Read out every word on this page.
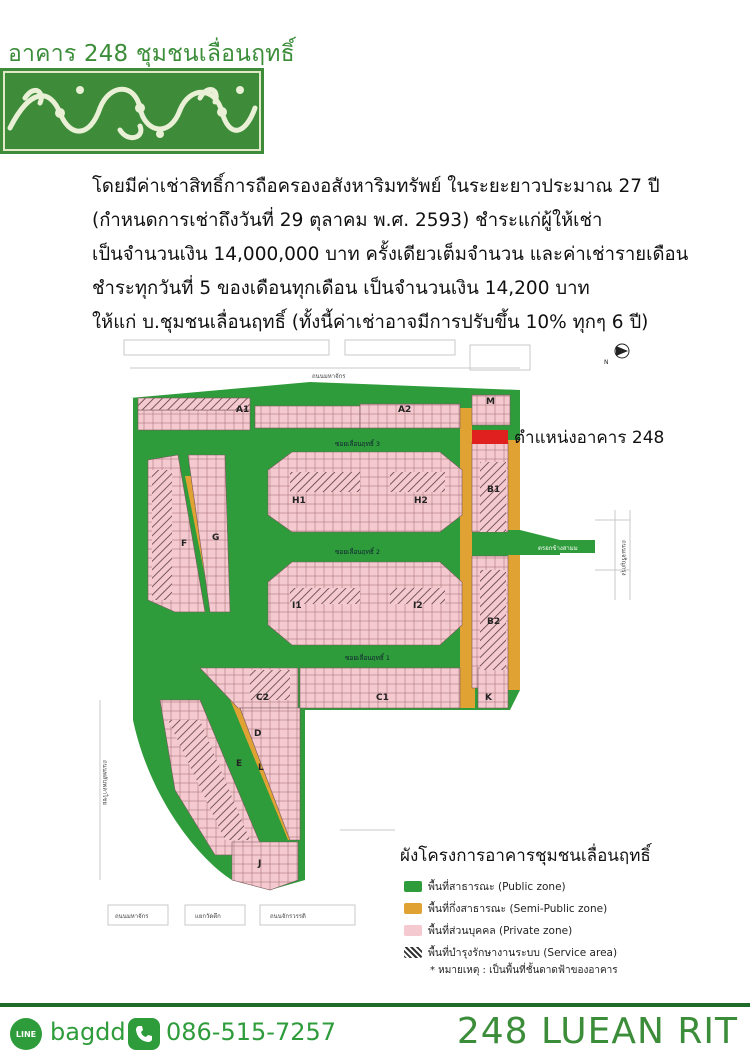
อาคาร 248 ชุมชนเลื่อนฤทธิ์
โดยมีค่าเช่าสิทธิ์การถือครองอสังหาริมทรัพย์ ในระยะยาวประมาณ 27 ปี
(กำหนดการเช่าถึงวันที่ 29 ตุลาคม พ.ศ. 2593) ชำระแก่ผู้ให้เช่า
เป็นจำนวนเงิน 14,000,000 บาท ครั้งเดียวเต็มจำนวน และค่าเช่ารายเดือน
ชำระทุกวันที่ 5 ของเดือนทุกเดือน เป็นจำนวนเงิน 14,200 บาท
ให้แก่ บ.ชุมชนเลื่อนฤทธิ์ (ทั้งนี้ค่าเช่าอาจมีการปรับขึ้น 10% ทุกๆ 6 ปี)
ถนนมหาจักร
ถนนมหาจักร	แยกวัดตึก	ถนนจักรวรรดิ
ถนนพลับพลาไชย
ถนนเจริญกรุง
ตรอกข้างสามม
ซอยเลื่อนฤทธิ์ 3
ซอยเลื่อนฤทธิ์ 2
ซอยเลื่อนฤทธิ์ 1
A1	A2
M
B1
H1	H2
G
F
I1	I2
B2
C1
C2	K
D
E L
J
N
ตำแหน่งอาคาร 248
ผังโครงการอาคารชุมชนเลื่อนฤทธิ์
พื้นที่สาธารณะ (Public zone)
พื้นที่กึ่งสาธารณะ (Semi-Public zone)
พื้นที่ส่วนบุคคล (Private zone)
พื้นที่บำรุงรักษางานระบบ (Service area)
* หมายเหตุ : เป็นพื้นที่ชั้นดาดฟ้าของอาคาร
LINE bagdd 086-515-7257	248 LUEAN RIT
